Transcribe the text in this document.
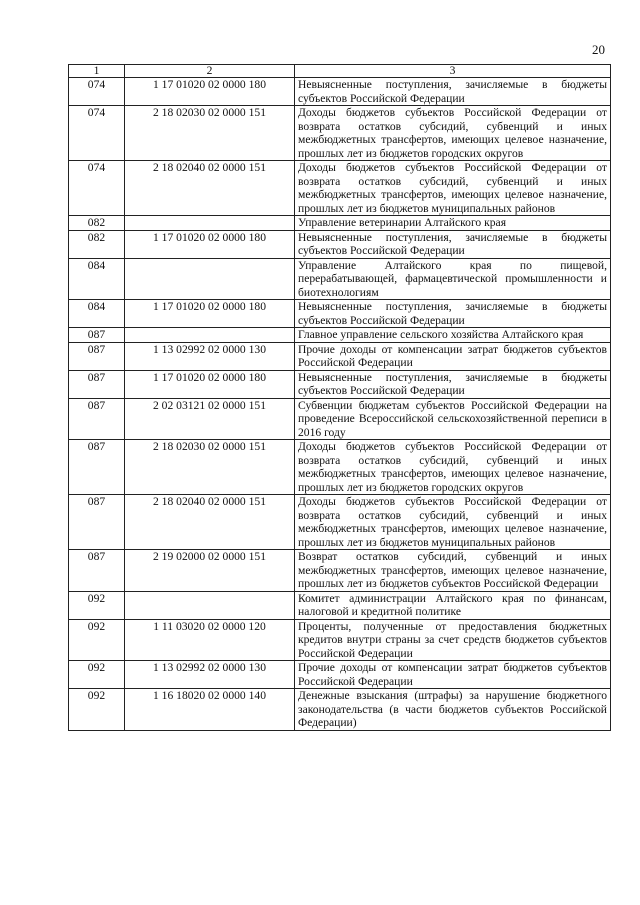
20
1	2	3
074	1 17 01020 02 0000 180	Невыясненные поступления, зачисляемые в бюджеты субъектов Российской Федерации
074	2 18 02030 02 0000 151	Доходы бюджетов субъектов Российской Федерации от возврата остатков субсидий, субвенций и иных межбюджетных трансфертов, имеющих целевое назначение, прошлых лет из бюджетов городских округов
074	2 18 02040 02 0000 151	Доходы бюджетов субъектов Российской Федерации от возврата остатков субсидий, субвенций и иных межбюджетных трансфертов, имеющих целевое назначение, прошлых лет из бюджетов муниципальных районов
082		Управление ветеринарии Алтайского края
082	1 17 01020 02 0000 180	Невыясненные поступления, зачисляемые в бюджеты субъектов Российской Федерации
084		Управление Алтайского края по пищевой, перерабатывающей, фармацевтической промышленности и биотехнологиям
084	1 17 01020 02 0000 180	Невыясненные поступления, зачисляемые в бюджеты субъектов Российской Федерации
087		Главное управление сельского хозяйства Алтайского края
087	1 13 02992 02 0000 130	Прочие доходы от компенсации затрат бюджетов субъектов Российской Федерации
087	1 17 01020 02 0000 180	Невыясненные поступления, зачисляемые в бюджеты субъектов Российской Федерации
087	2 02 03121 02 0000 151	Субвенции бюджетам субъектов Российской Федерации на проведение Всероссийской сельскохозяйственной переписи в 2016 году
087	2 18 02030 02 0000 151	Доходы бюджетов субъектов Российской Федерации от возврата остатков субсидий, субвенций и иных межбюджетных трансфертов, имеющих целевое назначение, прошлых лет из бюджетов городских округов
087	2 18 02040 02 0000 151	Доходы бюджетов субъектов Российской Федерации от возврата остатков субсидий, субвенций и иных межбюджетных трансфертов, имеющих целевое назначение, прошлых лет из бюджетов муниципальных районов
087	2 19 02000 02 0000 151	Возврат остатков субсидий, субвенций и иных межбюджетных трансфертов, имеющих целевое назначение, прошлых лет из бюджетов субъектов Российской Федерации
092		Комитет администрации Алтайского края по финансам, налоговой и кредитной политике
092	1 11 03020 02 0000 120	Проценты, полученные от предоставления бюджетных кредитов внутри страны за счет средств бюджетов субъектов Российской Федерации
092	1 13 02992 02 0000 130	Прочие доходы от компенсации затрат бюджетов субъектов Российской Федерации
092	1 16 18020 02 0000 140	Денежные взыскания (штрафы) за нарушение бюджетного законодательства (в части бюджетов субъектов Российской Федерации)
